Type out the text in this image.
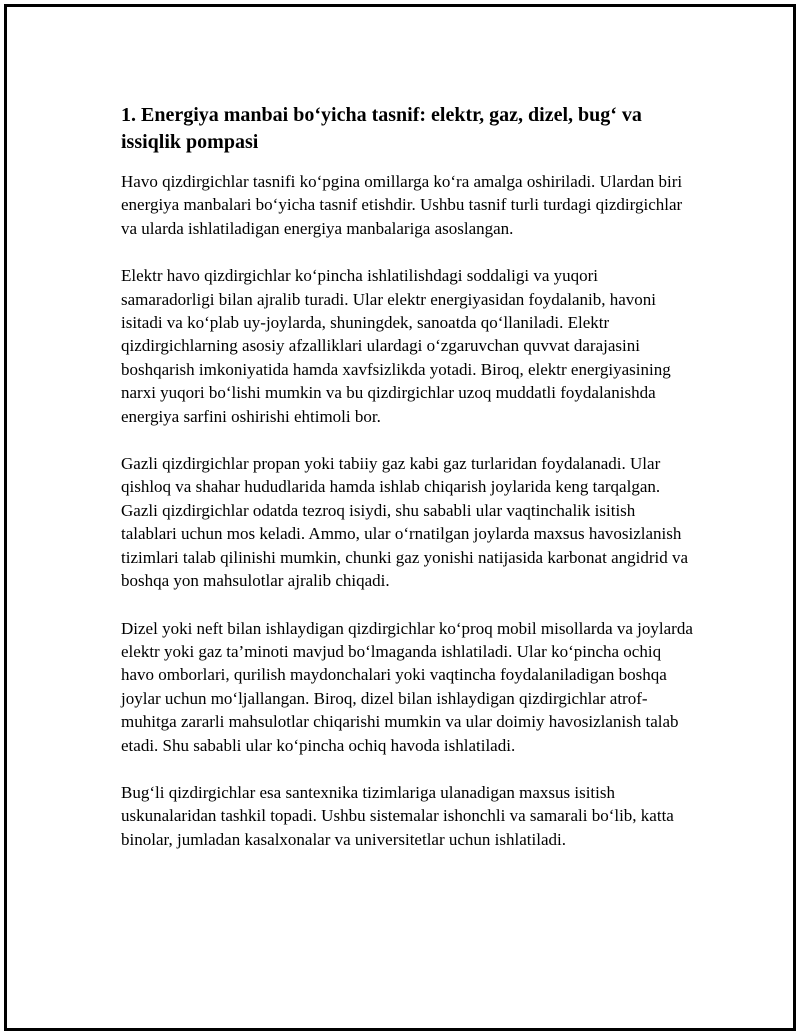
1. Energiya manbai bo‘yicha tasnif: elektr, gaz, dizel, bug‘ va issiqlik pompasi

Havo qizdirgichlar tasnifi ko‘pgina omillarga ko‘ra amalga oshiriladi. Ulardan biri energiya manbalari bo‘yicha tasnif etishdir. Ushbu tasnif turli turdagi qizdirgichlar va ularda ishlatiladigan energiya manbalariga asoslangan.

Elektr havo qizdirgichlar ko‘pincha ishlatilishdagi soddaligi va yuqori samaradorligi bilan ajralib turadi. Ular elektr energiyasidan foydalanib, havoni isitadi va ko‘plab uy-joylarda, shuningdek, sanoatda qo‘llaniladi. Elektr qizdirgichlarning asosiy afzalliklari ulardagi o‘zgaruvchan quvvat darajasini boshqarish imkoniyatida hamda xavfsizlikda yotadi. Biroq, elektr energiyasining narxi yuqori bo‘lishi mumkin va bu qizdirgichlar uzoq muddatli foydalanishda energiya sarfini oshirishi ehtimoli bor.

Gazli qizdirgichlar propan yoki tabiiy gaz kabi gaz turlaridan foydalanadi. Ular qishloq va shahar hududlarida hamda ishlab chiqarish joylarida keng tarqalgan. Gazli qizdirgichlar odatda tezroq isiydi, shu sababli ular vaqtinchalik isitish talablari uchun mos keladi. Ammo, ular o‘rnatilgan joylarda maxsus havosizlanish tizimlari talab qilinishi mumkin, chunki gaz yonishi natijasida karbonat angidrid va boshqa yon mahsulotlar ajralib chiqadi.

Dizel yoki neft bilan ishlaydigan qizdirgichlar ko‘proq mobil misollarda va joylarda elektr yoki gaz ta’minoti mavjud bo‘lmaganda ishlatiladi. Ular ko‘pincha ochiq havo omborlari, qurilish maydonchalari yoki vaqtincha foydalaniladigan boshqa joylar uchun mo‘ljallangan. Biroq, dizel bilan ishlaydigan qizdirgichlar atrof-muhitga zararli mahsulotlar chiqarishi mumkin va ular doimiy havosizlanish talab etadi. Shu sababli ular ko‘pincha ochiq havoda ishlatiladi.

Bug‘li qizdirgichlar esa santexnika tizimlariga ulanadigan maxsus isitish uskunalaridan tashkil topadi. Ushbu sistemalar ishonchli va samarali bo‘lib, katta binolar, jumladan kasalxonalar va universitetlar uchun ishlatiladi.
